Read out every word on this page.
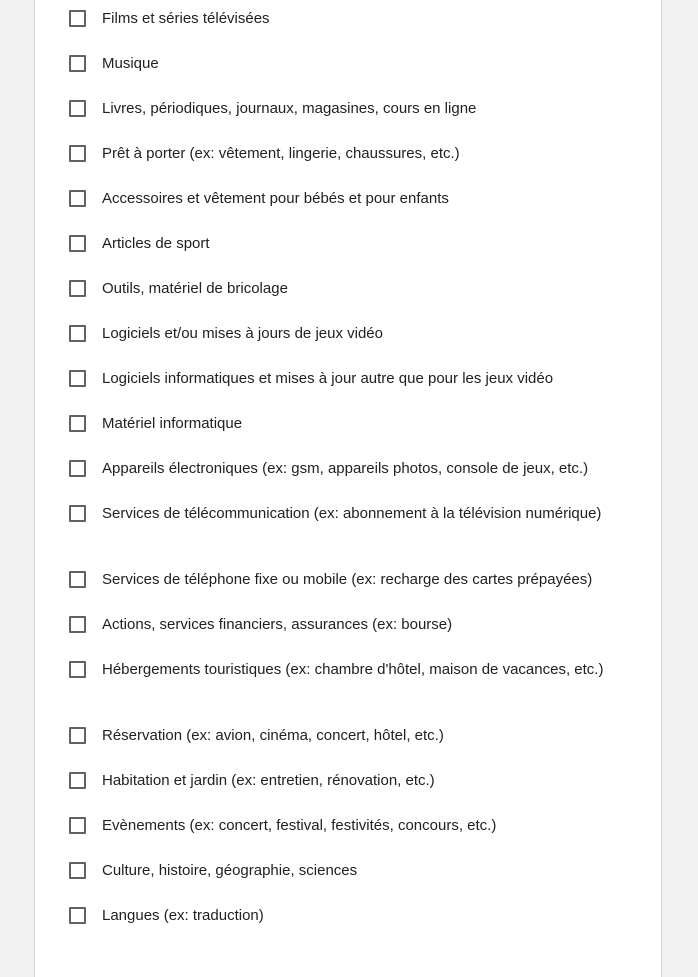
Films et séries télévisées
Musique
Livres, périodiques, journaux, magasines, cours en ligne
Prêt à porter (ex: vêtement, lingerie, chaussures, etc.)
Accessoires et vêtement pour bébés et pour enfants
Articles de sport
Outils, matériel de bricolage
Logiciels et/ou mises à jours de jeux vidéo
Logiciels informatiques et mises à jour autre que pour les jeux vidéo
Matériel informatique
Appareils électroniques (ex: gsm, appareils photos, console de jeux, etc.)
Services de télécommunication (ex: abonnement à la télévision numérique)
Services de téléphone fixe ou mobile (ex: recharge des cartes prépayées)
Actions, services financiers, assurances (ex: bourse)
Hébergements touristiques (ex: chambre d'hôtel, maison de vacances, etc.)
Réservation (ex: avion, cinéma, concert, hôtel, etc.)
Habitation et jardin (ex: entretien, rénovation, etc.)
Evènements (ex: concert, festival, festivités, concours, etc.)
Culture, histoire, géographie, sciences
Langues (ex: traduction)
